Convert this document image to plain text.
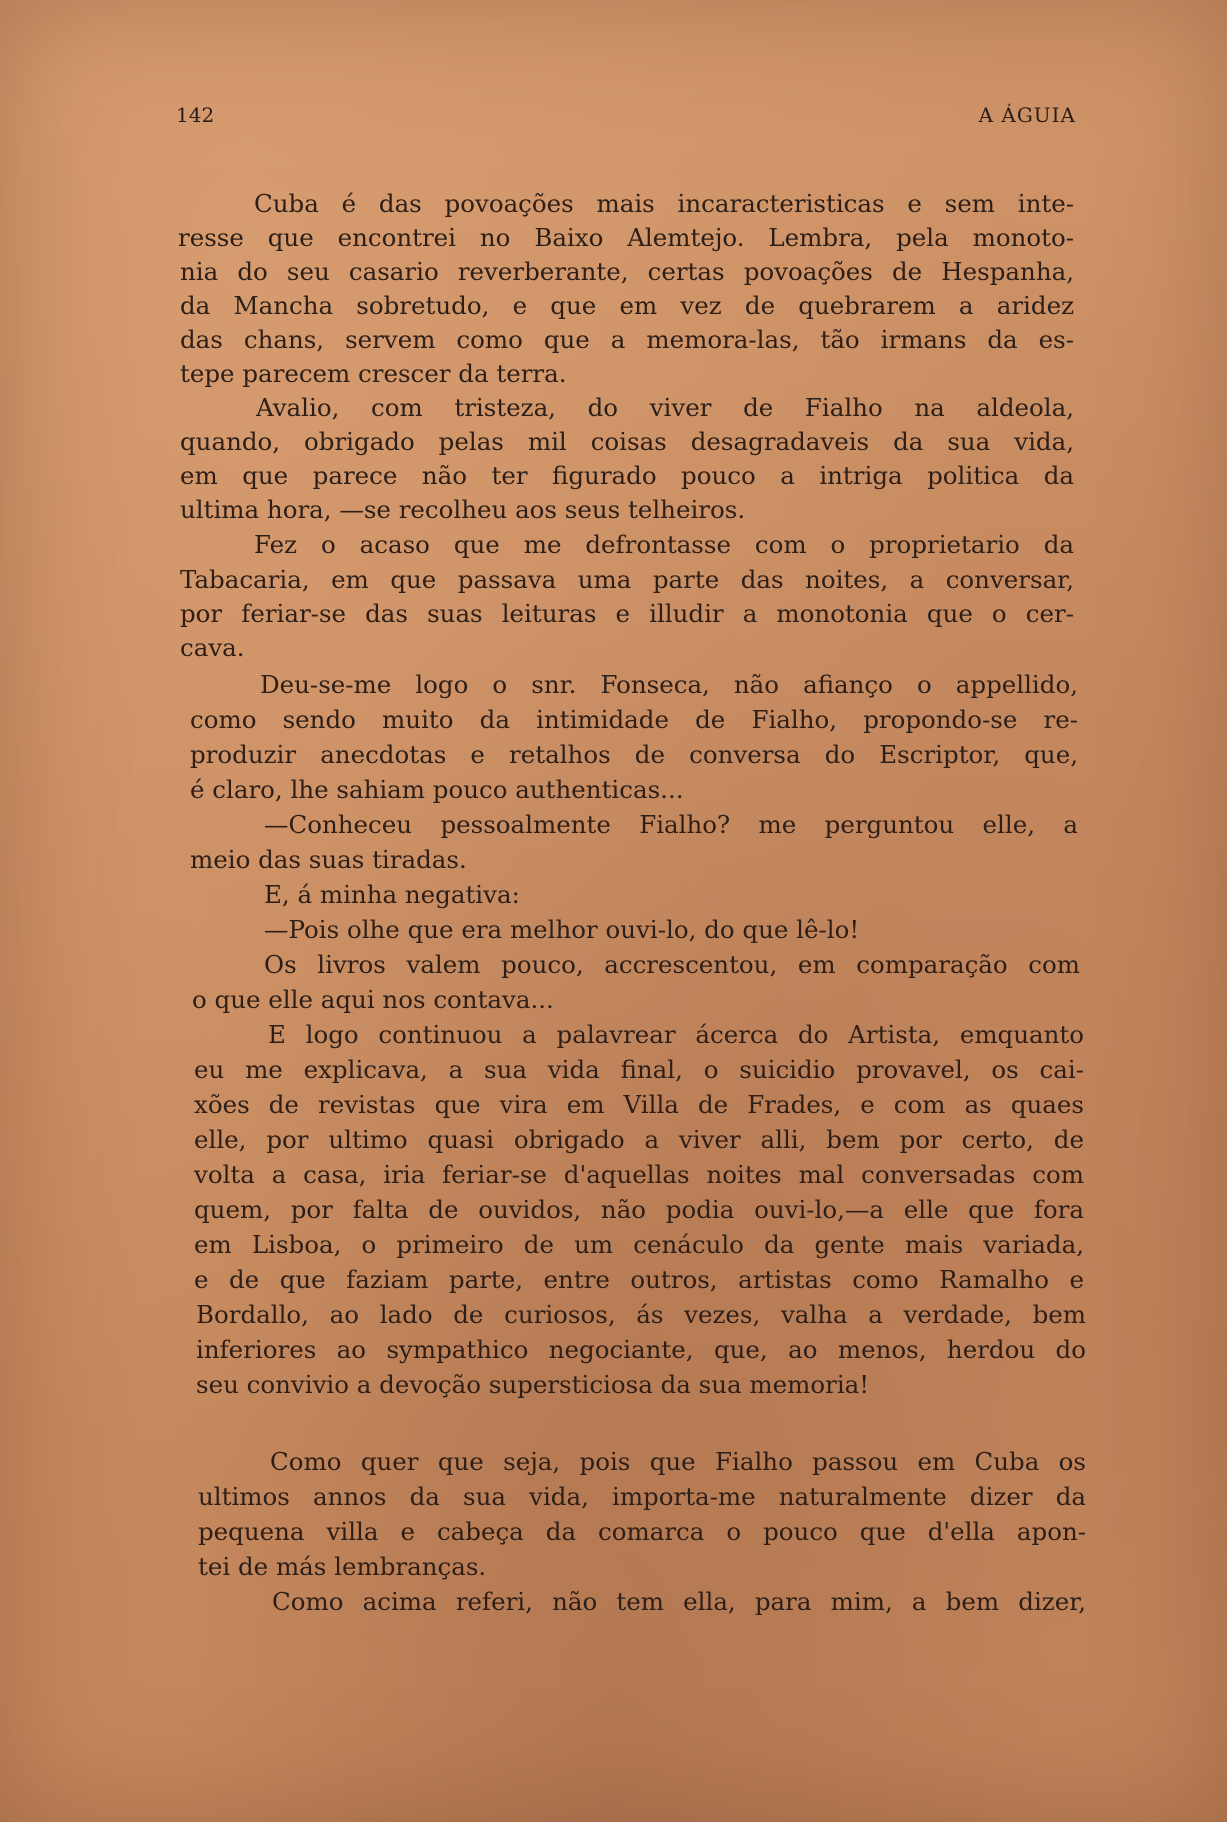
142	A ÁGUIA
Cuba é das povoações mais incaracteristicas e sem inte-
resse que encontrei no Baixo Alemtejo. Lembra, pela monoto-
nia do seu casario reverberante, certas povoações de Hespanha,
da Mancha sobretudo, e que em vez de quebrarem a aridez
das chans, servem como que a memora-las, tão irmans da es-
tepe parecem crescer da terra.
Avalio, com tristeza, do viver de Fialho na aldeola,
quando, obrigado pelas mil coisas desagradaveis da sua vida,
em que parece não ter figurado pouco a intriga politica da
ultima hora, —se recolheu aos seus telheiros.
Fez o acaso que me defrontasse com o proprietario da
Tabacaria, em que passava uma parte das noites, a conversar,
por feriar-se das suas leituras e illudir a monotonia que o cer-
cava.
Deu-se-me logo o snr. Fonseca, não afianço o appellido,
como sendo muito da intimidade de Fialho, propondo-se re-
produzir anecdotas e retalhos de conversa do Escriptor, que,
é claro, lhe sahiam pouco authenticas...
—Conheceu pessoalmente Fialho? me perguntou elle, a
meio das suas tiradas.
E, á minha negativa:
—Pois olhe que era melhor ouvi-lo, do que lê-lo!
Os livros valem pouco, accrescentou, em comparação com
o que elle aqui nos contava...
E logo continuou a palavrear ácerca do Artista, emquanto
eu me explicava, a sua vida final, o suicidio provavel, os cai-
xões de revistas que vira em Villa de Frades, e com as quaes
elle, por ultimo quasi obrigado a viver alli, bem por certo, de
volta a casa, iria feriar-se d'aquellas noites mal conversadas com
quem, por falta de ouvidos, não podia ouvi-lo,—a elle que fora
em Lisboa, o primeiro de um cenáculo da gente mais variada,
e de que faziam parte, entre outros, artistas como Ramalho e
Bordallo, ao lado de curiosos, ás vezes, valha a verdade, bem
inferiores ao sympathico negociante, que, ao menos, herdou do
seu convivio a devoção supersticiosa da sua memoria!
Como quer que seja, pois que Fialho passou em Cuba os
ultimos annos da sua vida, importa-me naturalmente dizer da
pequena villa e cabeça da comarca o pouco que d'ella apon-
tei de más lembranças.
Como acima referi, não tem ella, para mim, a bem dizer,
